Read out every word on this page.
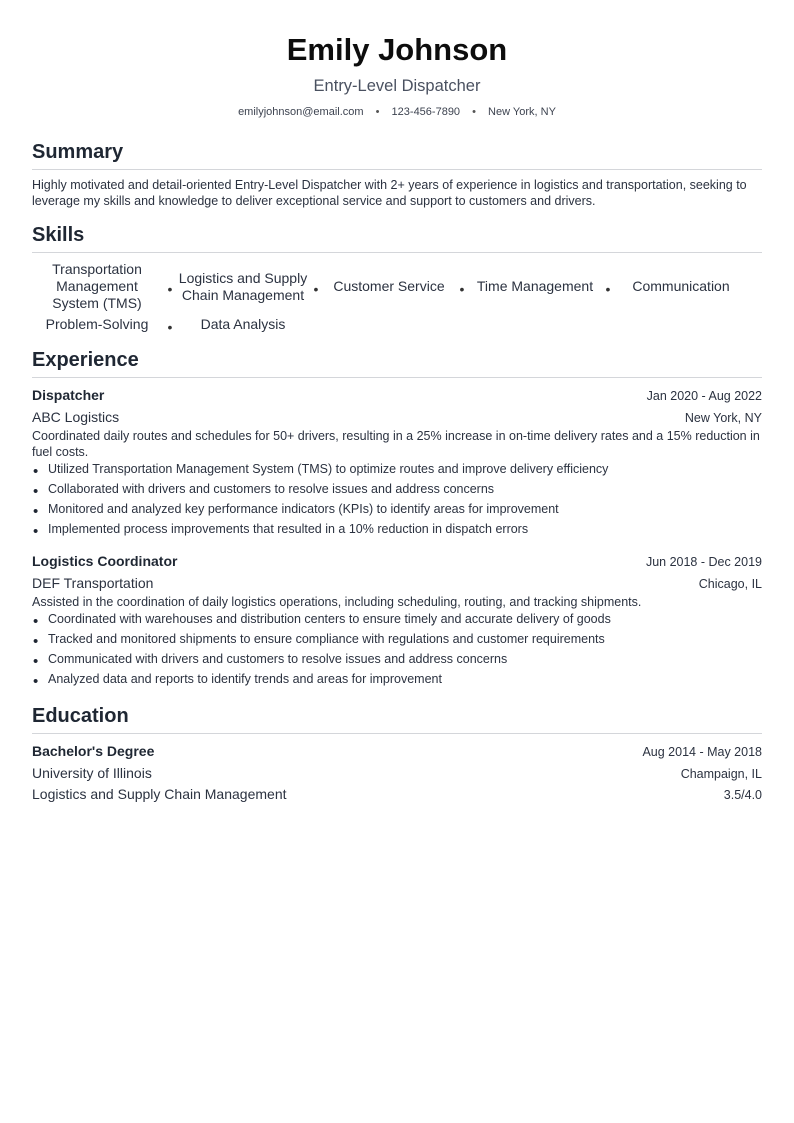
Emily Johnson
Entry-Level Dispatcher
emilyjohnson@email.com • 123-456-7890 • New York, NY
Summary
Highly motivated and detail-oriented Entry-Level Dispatcher with 2+ years of experience in logistics and transportation, seeking to leverage my skills and knowledge to deliver exceptional service and support to customers and drivers.
Skills
Transportation Management System (TMS)
•
Logistics and Supply Chain Management •	Customer Service	• Time Management •	Communication
Problem-Solving	•	Data Analysis
Experience
Dispatcher	Jan 2020 - Aug 2022
ABC Logistics	New York, NY
Coordinated daily routes and schedules for 50+ drivers, resulting in a 25% increase in on-time delivery rates and a 15% reduction in fuel costs.
• Utilized Transportation Management System (TMS) to optimize routes and improve delivery efficiency
• Collaborated with drivers and customers to resolve issues and address concerns
• Monitored and analyzed key performance indicators (KPIs) to identify areas for improvement
• Implemented process improvements that resulted in a 10% reduction in dispatch errors
Logistics Coordinator	Jun 2018 - Dec 2019
DEF Transportation	Chicago, IL
Assisted in the coordination of daily logistics operations, including scheduling, routing, and tracking shipments.
• Coordinated with warehouses and distribution centers to ensure timely and accurate delivery of goods
• Tracked and monitored shipments to ensure compliance with regulations and customer requirements
• Communicated with drivers and customers to resolve issues and address concerns
• Analyzed data and reports to identify trends and areas for improvement
Education
Bachelor's Degree	Aug 2014 - May 2018
University of Illinois	Champaign, IL
Logistics and Supply Chain Management	3.5/4.0
